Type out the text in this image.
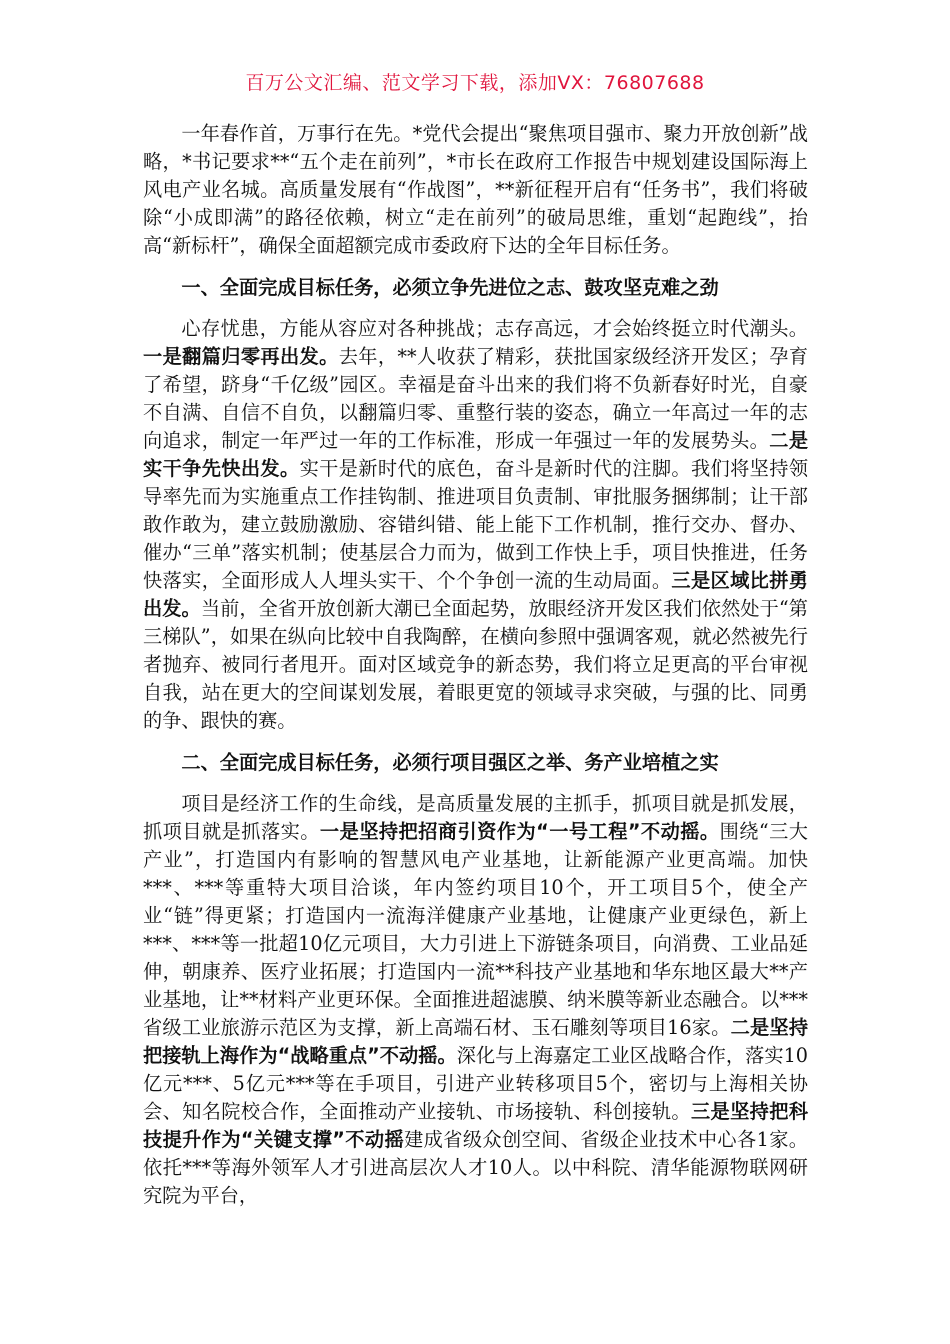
百万公文汇编、范文学习下载，添加VX：76807688

一年春作首，万事行在先。*党代会提出“聚焦项目强市、聚力开放创新”战略，*书记要求**“五个走在前列”，*市长在政府工作报告中规划建设国际海上风电产业名城。高质量发展有“作战图”，**新征程开启有“任务书”，我们将破除“小成即满”的路径依赖，树立“走在前列”的破局思维，重划“起跑线”，抬高“新标杆”，确保全面超额完成市委政府下达的全年目标任务。

一、全面完成目标任务，必须立争先进位之志、鼓攻坚克难之劲

心存忧患，方能从容应对各种挑战；志存高远，才会始终挺立时代潮头。一是翻篇归零再出发。去年，**人收获了精彩，获批国家级经济开发区；孕育了希望，跻身“千亿级”园区。幸福是奋斗出来的我们将不负新春好时光，自豪不自满、自信不自负，以翻篇归零、重整行装的姿态，确立一年高过一年的志向追求，制定一年严过一年的工作标准，形成一年强过一年的发展势头。二是实干争先快出发。实干是新时代的底色，奋斗是新时代的注脚。我们将坚持领导率先而为实施重点工作挂钩制、推进项目负责制、审批服务捆绑制；让干部敢作敢为，建立鼓励激励、容错纠错、能上能下工作机制，推行交办、督办、催办“三单”落实机制；使基层合力而为，做到工作快上手，项目快推进，任务快落实，全面形成人人埋头实干、个个争创一流的生动局面。三是区域比拼勇出发。当前，全省开放创新大潮已全面起势，放眼经济开发区我们依然处于“第三梯队”，如果在纵向比较中自我陶醉，在横向参照中强调客观，就必然被先行者抛弃、被同行者甩开。面对区域竞争的新态势，我们将立足更高的平台审视自我，站在更大的空间谋划发展，着眼更宽的领域寻求突破，与强的比、同勇的争、跟快的赛。

二、全面完成目标任务，必须行项目强区之举、务产业培植之实

项目是经济工作的生命线，是高质量发展的主抓手，抓项目就是抓发展，抓项目就是抓落实。一是坚持把招商引资作为“一号工程”不动摇。围绕“三大产业”，打造国内有影响的智慧风电产业基地，让新能源产业更高端。加快***、***等重特大项目洽谈，年内签约项目10个，开工项目5个，使全产业“链”得更紧；打造国内一流海洋健康产业基地，让健康产业更绿色，新上***、***等一批超10亿元项目，大力引进上下游链条项目，向消费、工业品延伸，朝康养、医疗业拓展；打造国内一流**科技产业基地和华东地区最大**产业基地，让**材料产业更环保。全面推进超滤膜、纳米膜等新业态融合。以***省级工业旅游示范区为支撑，新上高端石材、玉石雕刻等项目16家。二是坚持把接轨上海作为“战略重点”不动摇。深化与上海嘉定工业区战略合作，落实10亿元***、5亿元***等在手项目，引进产业转移项目5个，密切与上海相关协会、知名院校合作，全面推动产业接轨、市场接轨、科创接轨。三是坚持把科技提升作为“关键支撑”不动摇建成省级众创空间、省级企业技术中心各1家。依托***等海外领军人才引进高层次人才10人。以中科院、清华能源物联网研究院为平台，
